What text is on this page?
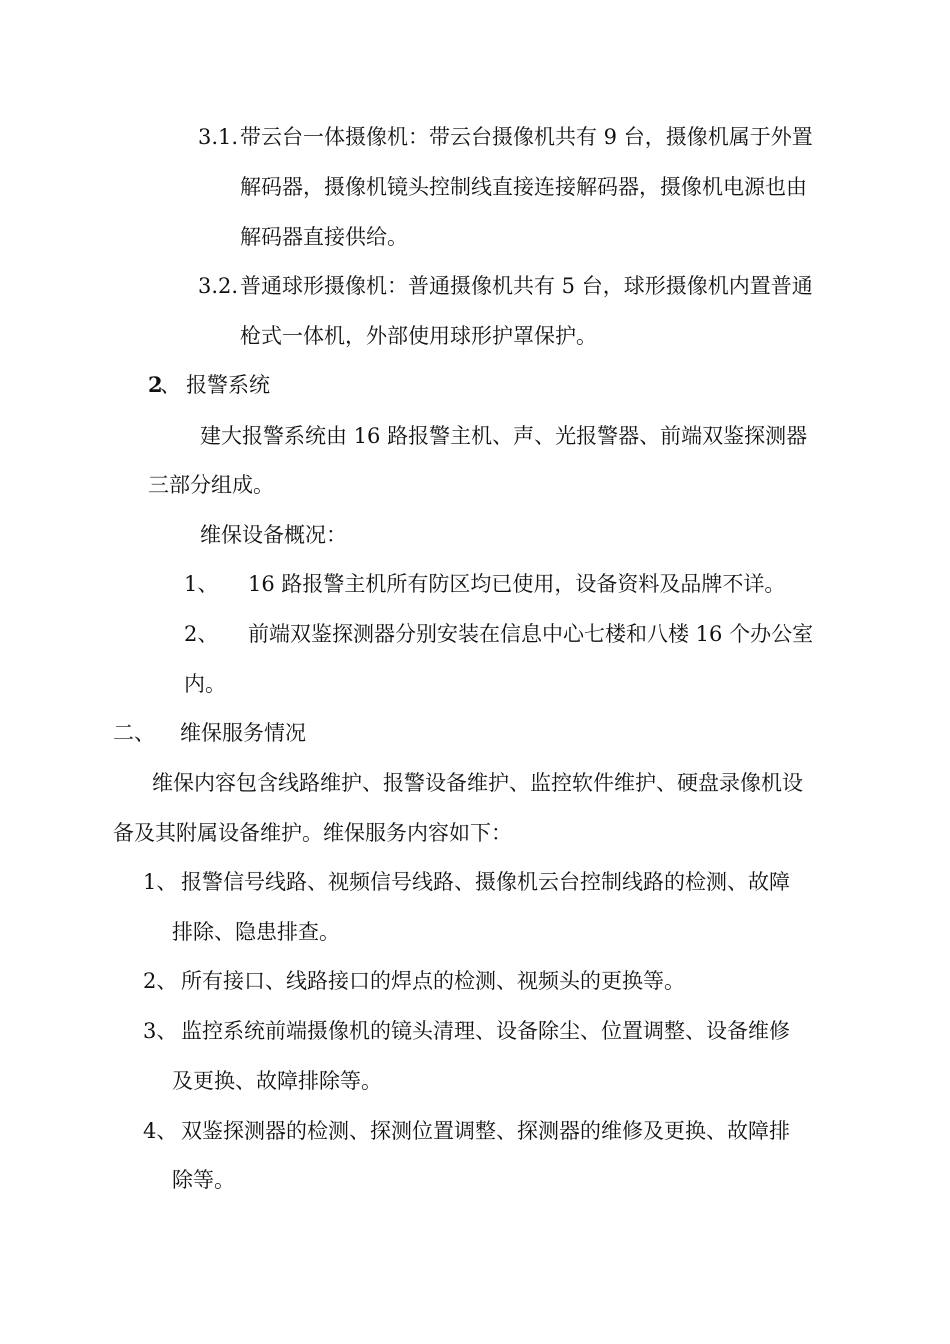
3.1. 带云台一体摄像机：带云台摄像机共有 9 台，摄像机属于外置
解码器，摄像机镜头控制线直接连接解码器，摄像机电源也由
解码器直接供给。
3.2. 普通球形摄像机：普通摄像机共有 5 台，球形摄像机内置普通
枪式一体机，外部使用球形护罩保护。
2
、 报警系统
建大报警系统由 16 路报警主机、声、光报警器、前端双鉴探测器
三部分组成。
维保设备概况：
1、 16 路报警主机所有防区均已使用，设备资料及品牌不详。
2、 前端双鉴探测器分别安装在信息中心七楼和八楼 16 个办公室
内。
二、 维保服务情况
维保内容包含线路维护、报警设备维护、监控软件维护、硬盘录像机设
备及其附属设备维护。维保服务内容如下：
1、 报警信号线路、视频信号线路、摄像机云台控制线路的检测、故障
排除、隐患排查。
2、 所有接口、线路接口的焊点的检测、视频头的更换等。
3、 监控系统前端摄像机的镜头清理、设备除尘、位置调整、设备维修
及更换、故障排除等。
4、 双鉴探测器的检测、探测位置调整、探测器的维修及更换、故障排
除等。
